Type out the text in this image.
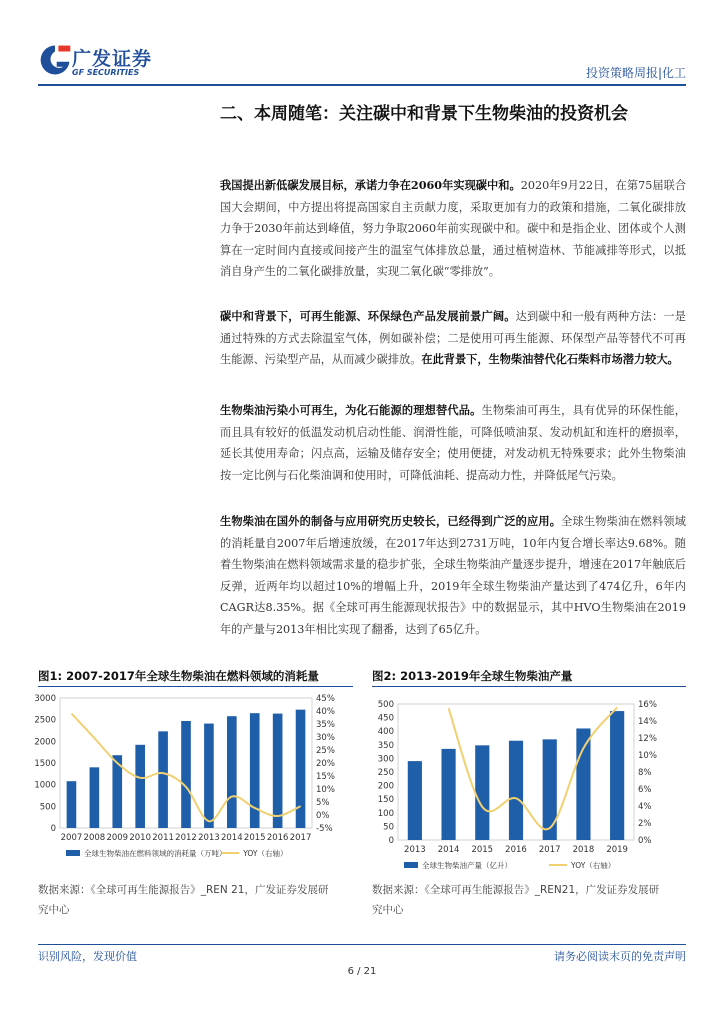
广发证券
GF SECURITIES	投资策略周报|化工
二、本周随笔：关注碳中和背景下生物柴油的投资机会
我国提出新低碳发展目标，承诺力争在2060年实现碳中和。2020年9月22日，在第75届联合国大会期间，中方提出将提高国家自主贡献力度，采取更加有力的政策和措施，二氧化碳排放力争于2030年前达到峰值，努力争取2060年前实现碳中和。碳中和是指企业、团体或个人测算在一定时间内直接或间接产生的温室气体排放总量，通过植树造林、节能减排等形式，以抵消自身产生的二氧化碳排放量，实现二氧化碳“零排放”。
碳中和背景下，可再生能源、环保绿色产品发展前景广阔。达到碳中和一般有两种方法：一是通过特殊的方式去除温室气体，例如碳补偿；二是使用可再生能源、环保型产品等替代不可再生能源、污染型产品，从而减少碳排放。在此背景下，生物柴油替代化石柴料市场潜力较大。
生物柴油污染小可再生，为化石能源的理想替代品。生物柴油可再生，具有优异的环保性能，而且具有较好的低温发动机启动性能、润滑性能，可降低喷油泵、发动机缸和连杆的磨损率，延长其使用寿命；闪点高，运输及储存安全；使用便捷，对发动机无特殊要求；此外生物柴油按一定比例与石化柴油调和使用时，可降低油耗、提高动力性，并降低尾气污染。
生物柴油在国外的制备与应用研究历史较长，已经得到广泛的应用。全球生物柴油在燃料领域的消耗量自2007年后增速放缓，在2017年达到2731万吨，10年内复合增长率达9.68%。随着生物柴油在燃料领域需求量的稳步扩张，全球生物柴油产量逐步提升，增速在2017年触底后反弹，近两年均以超过10%的增幅上升，2019年全球生物柴油产量达到了474亿升，6年内CAGR达8.35%。据《全球可再生能源现状报告》中的数据显示，其中HVO生物柴油在2019年的产量与2013年相比实现了翻番，达到了65亿升。
图1: 2007-2017年全球生物柴油在燃料领域的消耗量
0
500
1000
1500
2000
2500
3000
-5%
0%
5%
10%
15%
20%
25%
30%
35%
40%
45%
2007 2008 2009 2010 2011 2012 2013 2014 2015 2016 2017
全球生物柴油在燃料领域的消耗量（万吨） YOY（右轴）
数据来源：《全球可再生能源报告》_REN 21，广发证券发展研
究中心
图2: 2013-2019年全球生物柴油产量
0
50
100
150
200
250
300
350
400
450
500
0%
2%
4%
6%
8%
10%
12%
14%
16%
2013 2014 2015 2016 2017 2018 2019
全球生物柴油产量（亿升）	YOY（右轴）
数据来源：《全球可再生能源报告》_REN21，广发证券发展研
究中心
识别风险，发现价值	请务必阅读末页的免责声明
6 / 21
